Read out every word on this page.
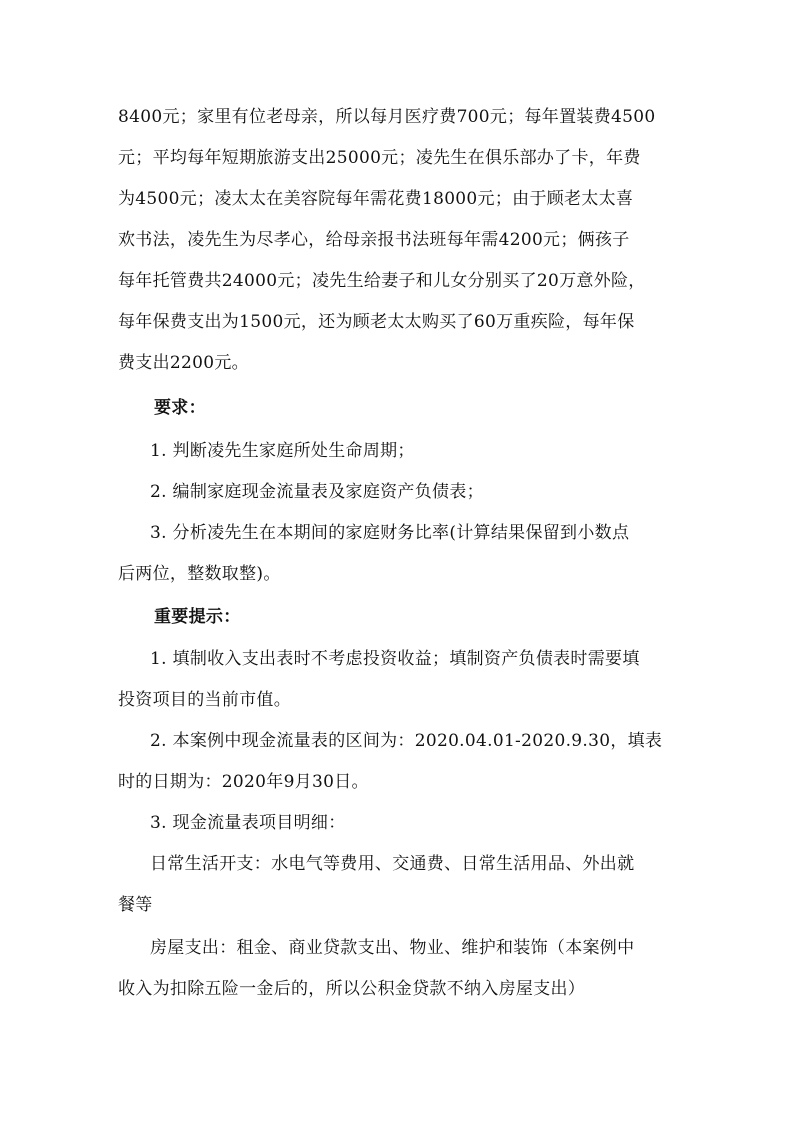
8400元；家里有位老母亲，所以每月医疗费700元；每年置装费4500
元；平均每年短期旅游支出25000元；凌先生在俱乐部办了卡，年费
为4500元；凌太太在美容院每年需花费18000元；由于顾老太太喜
欢书法，凌先生为尽孝心，给母亲报书法班每年需4200元；俩孩子
每年托管费共24000元；凌先生给妻子和儿女分别买了20万意外险，
每年保费支出为1500元，还为顾老太太购买了60万重疾险，每年保
费支出2200元。
要求：
1. 判断凌先生家庭所处生命周期；
2. 编制家庭现金流量表及家庭资产负债表；
3. 分析凌先生在本期间的家庭财务比率(计算结果保留到小数点
后两位，整数取整)。
重要提示：
1. 填制收入支出表时不考虑投资收益；填制资产负债表时需要填
投资项目的当前市值。
2. 本案例中现金流量表的区间为：2020.04.01-2020.9.30，填表
时的日期为：2020年9月30日。
3. 现金流量表项目明细：
日常生活开支：水电气等费用、交通费、日常生活用品、外出就
餐等
房屋支出：租金、商业贷款支出、物业、维护和装饰（本案例中
收入为扣除五险一金后的，所以公积金贷款不纳入房屋支出）
